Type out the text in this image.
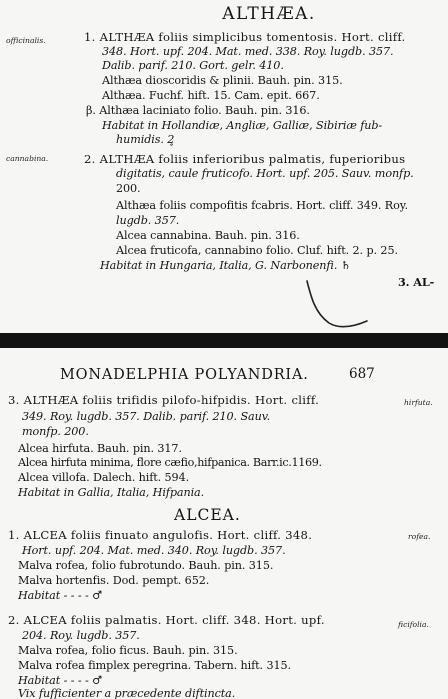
ALTHÆA.
officinalis.
cannabina.
1. ALTHÆA foliis simplicibus tomentosis. Hort. cliff.
348. Hort. upf. 204. Mat. med. 338. Roy. lugdb. 357.
Dalib. parif. 210. Gort. gelr. 410.
Althæa dioscoridis & plinii. Bauh. pin. 315.
Althæa. Fuchf. hift. 15. Cam. epit. 667.
β. Althæa laciniato folio. Bauh. pin. 316.
Habitat in Hollandiæ, Angliæ, Galliæ, Sibiriæ fub-
humidis. 2̥
2. ALTHÆA foliis inferioribus palmatis, fuperioribus
digitatis, caule fruticofo. Hort. upf. 205. Sauv. monfp.
200.
Althæa foliis compofitis fcabris. Hort. cliff. 349. Roy.
lugdb. 357.
Alcea cannabina. Bauh. pin. 316.
Alcea fruticofa, cannabino folio. Cluf. hift. 2. p. 25.
Habitat in Hungaria, Italia, G. Narbonenfi. ♄
3. AL-
MONADELPHIA POLYANDRIA.	687
hirfuta.
rofea.
ficifolia.
3. ALTHÆA foliis trifidis pilofo-hifpidis. Hort. cliff.
349. Roy. lugdb. 357. Dalib. parif. 210. Sauv.
monfp. 200.
Alcea hirfuta. Bauh. pin. 317.
Alcea hirfuta minima, flore cæfio,hifpanica. Barr.ic.1169.
Alcea villofa. Dalech. hift. 594.
Habitat in Gallia, Italia, Hifpania.
ALCEA.
1. ALCEA foliis finuato angulofis. Hort. cliff. 348.
Hort. upf. 204. Mat. med. 340. Roy. lugdb. 357.
Malva rofea, folio fubrotundo. Bauh. pin. 315.
Malva hortenfis. Dod. pempt. 652.
Habitat - - - - ♂
2. ALCEA foliis palmatis. Hort. cliff. 348. Hort. upf.
204. Roy. lugdb. 357.
Malva rofea, folio ficus. Bauh. pin. 315.
Malva rofea fimplex peregrina. Tabern. hift. 315.
Habitat - - - - ♂
Vix fufficienter a præcedente diftincta.
